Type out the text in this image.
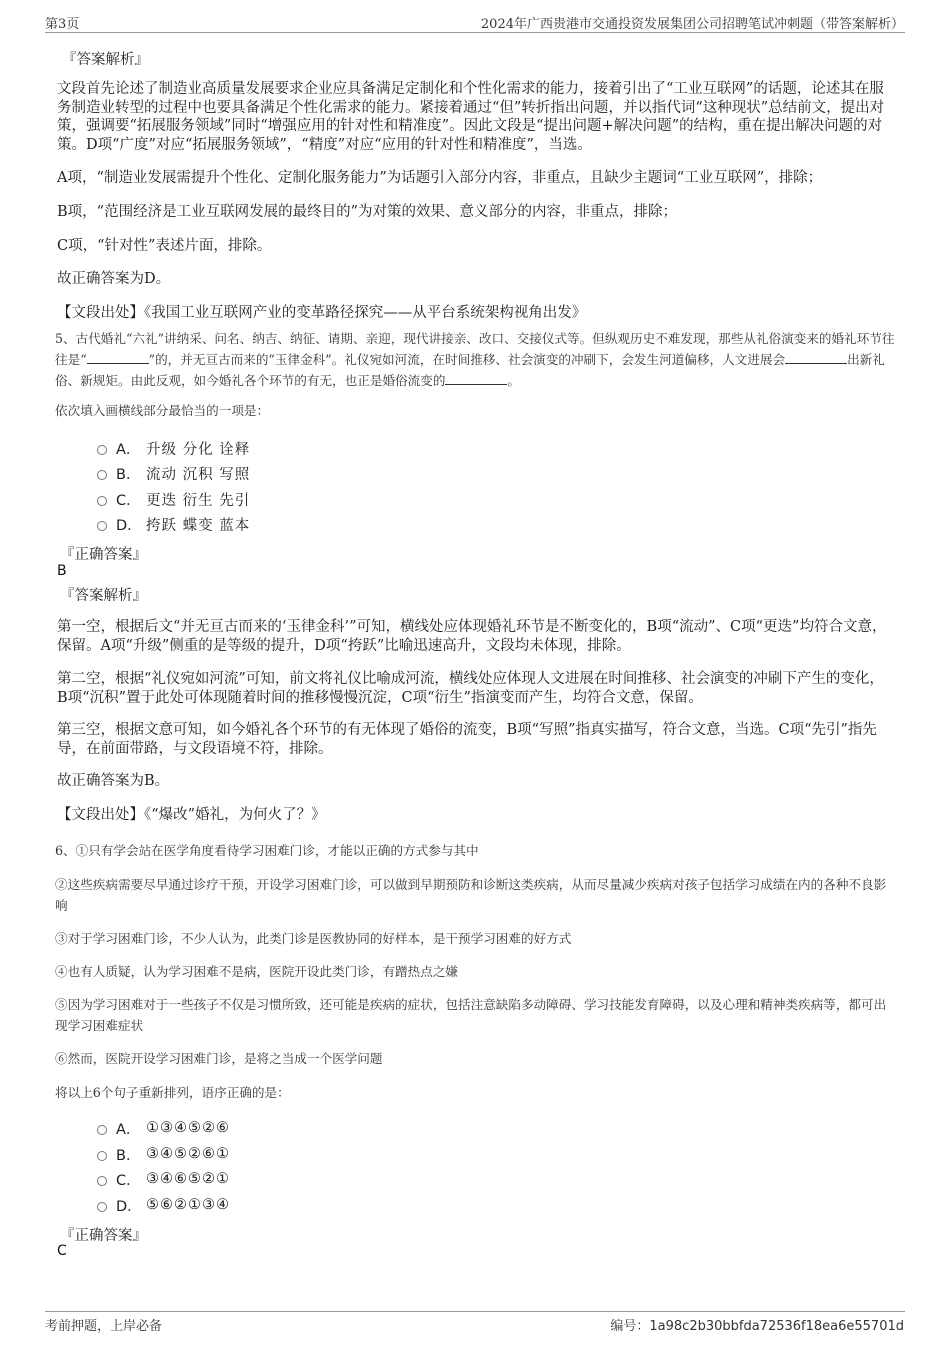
第3页	2024年广西贵港市交通投资发展集团公司招聘笔试冲刺题（带答案解析）
『答案解析』
文段首先论述了制造业高质量发展要求企业应具备满足定制化和个性化需求的能力，接着引出了“工业互联网”的话题，论述其在服务制造业转型的过程中也要具备满足个性化需求的能力。紧接着通过“但”转折指出问题，并以指代词“这种现状”总结前文，提出对策，强调要“拓展服务领域”同时“增强应用的针对性和精准度”。因此文段是“提出问题+解决问题”的结构，重在提出解决问题的对策。D项“广度”对应“拓展服务领域”，“精度”对应“应用的针对性和精准度”，当选。
A项，“制造业发展需提升个性化、定制化服务能力”为话题引入部分内容，非重点，且缺少主题词“工业互联网”，排除；
B项，“范围经济是工业互联网发展的最终目的”为对策的效果、意义部分的内容，非重点，排除；
C项，“针对性”表述片面，排除。
故正确答案为D。
【文段出处】《我国工业互联网产业的变革路径探究——从平台系统架构视角出发》
5、古代婚礼“六礼”讲纳采、问名、纳吉、纳征、请期、亲迎，现代讲接亲、改口、交接仪式等。但纵观历史不难发现，那些从礼俗演变来的婚礼环节往往是“	”的，并无亘古而来的“玉律金科”。礼仪宛如河流，在时间推移、社会演变的冲刷下，会发生河道偏移，人文进展会	出新礼俗、新规矩。由此反观，如今婚礼各个环节的有无，也正是婚俗流变的	。
依次填入画横线部分最恰当的一项是：
A． 升级 分化 诠释
B． 流动 沉积 写照
C． 更迭 衍生 先引
D． 挎跃 蝶变 蓝本
『正确答案』
B
『答案解析』
第一空，根据后文“并无亘古而来的‘玉律金科’”可知，横线处应体现婚礼环节是不断变化的，B项“流动”、C项“更迭”均符合文意，保留。A项“升级”侧重的是等级的提升，D项“挎跃”比喻迅速高升，文段均未体现，排除。
第二空，根据“礼仪宛如河流”可知，前文将礼仪比喻成河流，横线处应体现人文进展在时间推移、社会演变的冲刷下产生的变化，B项“沉积”置于此处可体现随着时间的推移慢慢沉淀，C项“衍生”指演变而产生，均符合文意，保留。
第三空，根据文意可知，如今婚礼各个环节的有无体现了婚俗的流变，B项“写照”指真实描写，符合文意，当选。C项“先引”指先导，在前面带路，与文段语境不符，排除。
故正确答案为B。
【文段出处】《“爆改”婚礼，为何火了？》
6、①只有学会站在医学角度看待学习困难门诊，才能以正确的方式参与其中
②这些疾病需要尽早通过诊疗干预，开设学习困难门诊，可以做到早期预防和诊断这类疾病，从而尽量减少疾病对孩子包括学习成绩在内的各种不良影响
③对于学习困难门诊，不少人认为，此类门诊是医教协同的好样本，是干预学习困难的好方式
④也有人质疑，认为学习困难不是病，医院开设此类门诊，有蹭热点之嫌
⑤因为学习困难对于一些孩子不仅是习惯所致，还可能是疾病的症状，包括注意缺陷多动障碍、学习技能发育障碍，以及心理和精神类疾病等，都可出现学习困难症状
⑥然而，医院开设学习困难门诊，是将之当成一个医学问题
将以上6个句子重新排列，语序正确的是：
A． ①③④⑤②⑥
B． ③④⑤②⑥①
C． ③④⑥⑤②①
D． ⑤⑥②①③④
『正确答案』
C
考前押题，上岸必备	编号：1a98c2b30bbfda72536f18ea6e55701d
